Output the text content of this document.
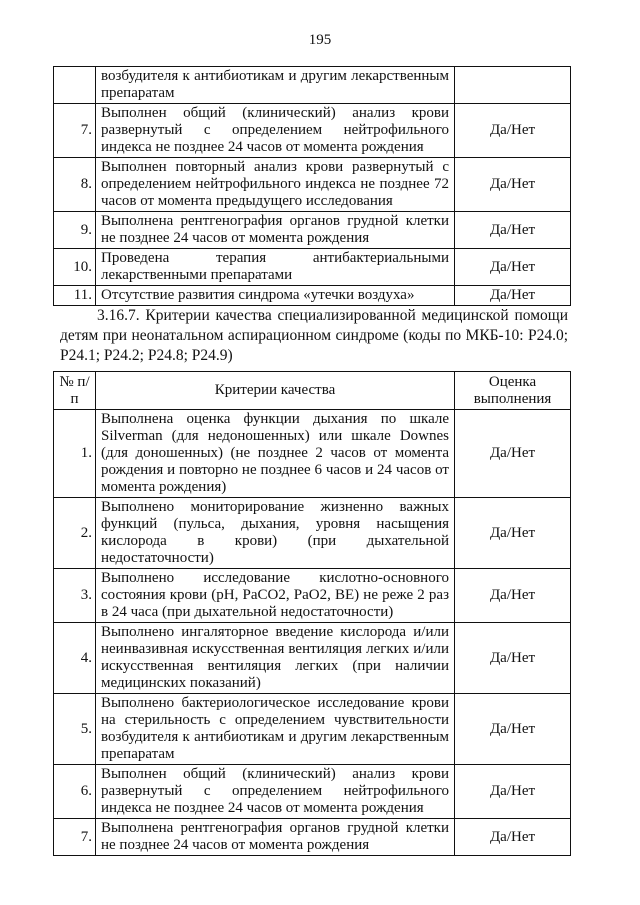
195
	возбудителя к антибиотикам и другим лекарственным препаратам	
7.	Выполнен общий (клинический) анализ крови развернутый с определением нейтрофильного индекса не позднее 24 часов от момента рождения	Да/Нет
8.	Выполнен повторный анализ крови развернутый с определением нейтрофильного индекса не позднее 72 часов от момента предыдущего исследования	Да/Нет
9.	Выполнена рентгенография органов грудной клетки не позднее 24 часов от момента рождения	Да/Нет
10.	Проведена терапия антибактериальными лекарственными препаратами	Да/Нет
11.	Отсутствие развития синдрома «утечки воздуха»	Да/Нет
3.16.7. Критерии качества специализированной медицинской помощи детям при неонатальном аспирационном синдроме (коды по МКБ-10: P24.0; P24.1; P24.2; P24.8; P24.9)
№ п/п	Критерии качества	Оценка выполнения
1.	Выполнена оценка функции дыхания по шкале Silverman (для недоношенных) или шкале Downes (для доношенных) (не позднее 2 часов от момента рождения и повторно не позднее 6 часов и 24 часов от момента рождения)	Да/Нет
2.	Выполнено мониторирование жизненно важных функций (пульса, дыхания, уровня насыщения кислорода в крови) (при дыхательной недостаточности)	Да/Нет
3.	Выполнено исследование кислотно-основного состояния крови (pH, PaCO2, PaO2, BE) не реже 2 раз в 24 часа (при дыхательной недостаточности)	Да/Нет
4.	Выполнено ингаляторное введение кислорода и/или неинвазивная искусственная вентиляция легких и/или искусственная вентиляция легких (при наличии медицинских показаний)	Да/Нет
5.	Выполнено бактериологическое исследование крови на стерильность с определением чувствительности возбудителя к антибиотикам и другим лекарственным препаратам	Да/Нет
6.	Выполнен общий (клинический) анализ крови развернутый с определением нейтрофильного индекса не позднее 24 часов от момента рождения	Да/Нет
7.	Выполнена рентгенография органов грудной клетки не позднее 24 часов от момента рождения	Да/Нет
